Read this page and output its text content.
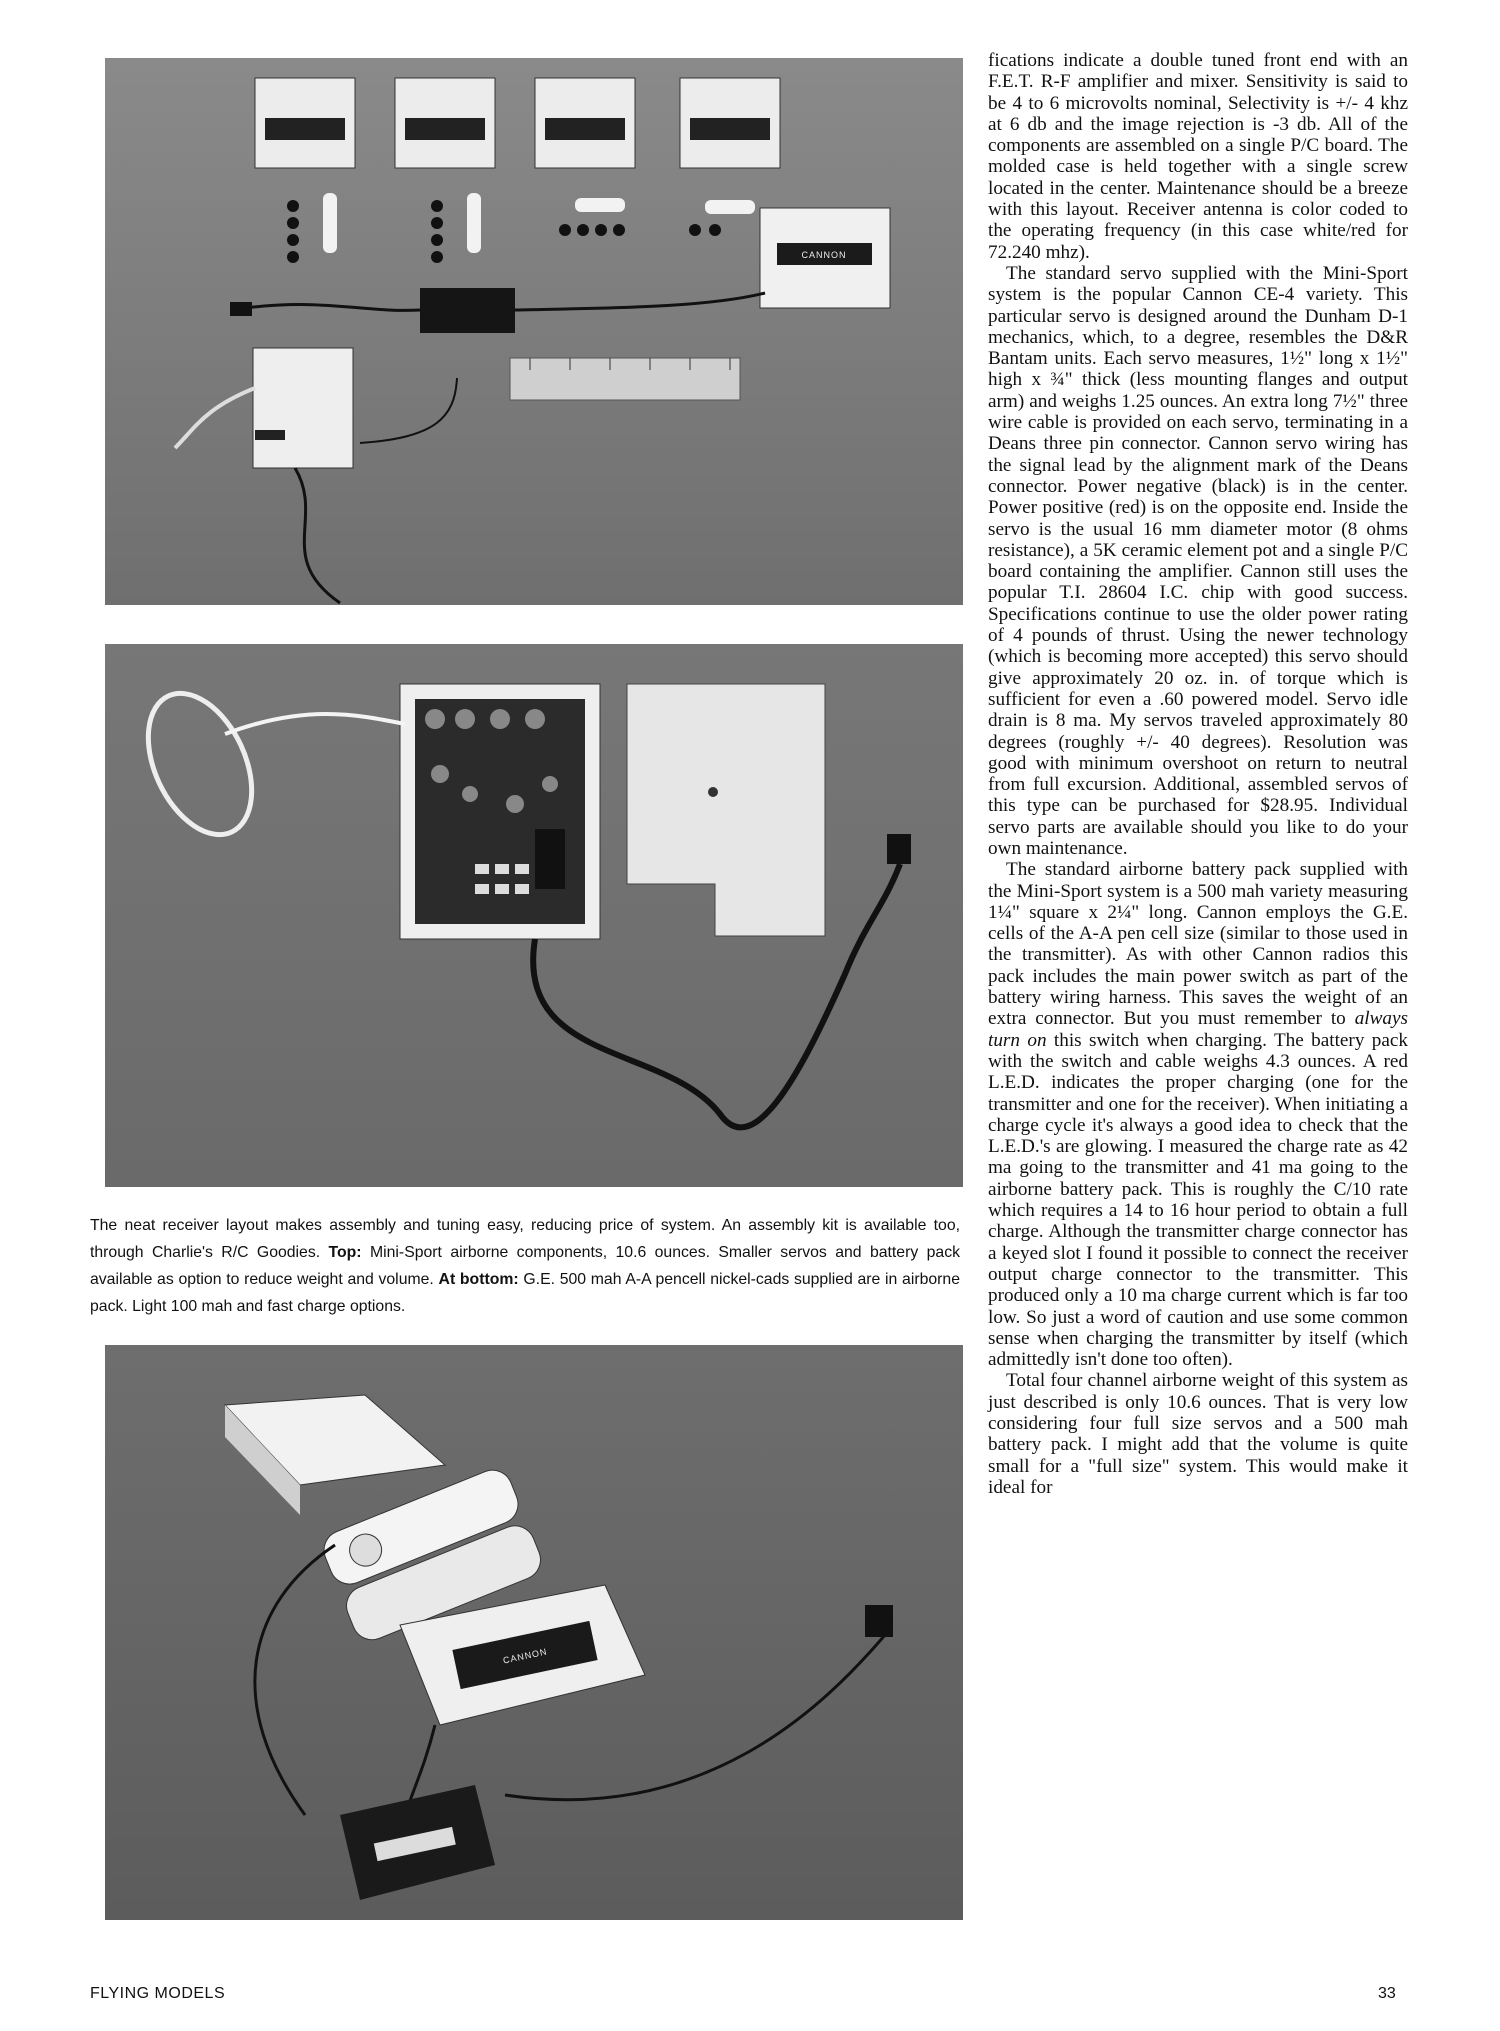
CANNON
The neat receiver layout makes assembly and tuning easy, reducing price of system. An assembly kit is available too, through Charlie's R/C Goodies. Top: Mini-Sport airborne components, 10.6 ounces. Smaller servos and battery pack available as option to reduce weight and volume. At bottom: G.E. 500 mah A-A pencell nickel-cads supplied are in airborne pack. Light 100 mah and fast charge options.
CANNON

fications indicate a double tuned front end with an F.E.T. R-F amplifier and mixer. Sensitivity is said to be 4 to 6 microvolts nominal, Selectivity is +/- 4 khz at 6 db and the image rejection is -3 db. All of the components are assembled on a single P/C board. The molded case is held together with a single screw located in the center. Maintenance should be a breeze with this layout. Receiver antenna is color coded to the operating frequency (in this case white/red for 72.240 mhz).

The standard servo supplied with the Mini-Sport system is the popular Cannon CE-4 variety. This particular servo is designed around the Dunham D-1 mechanics, which, to a degree, resembles the D&R Bantam units. Each servo measures, 1½" long x 1½" high x ¾" thick (less mounting flanges and output arm) and weighs 1.25 ounces. An extra long 7½" three wire cable is provided on each servo, terminating in a Deans three pin connector. Cannon servo wiring has the signal lead by the alignment mark of the Deans connector. Power negative (black) is in the center. Power positive (red) is on the opposite end. Inside the servo is the usual 16 mm diameter motor (8 ohms resistance), a 5K ceramic element pot and a single P/C board containing the amplifier. Cannon still uses the popular T.I. 28604 I.C. chip with good success. Specifications continue to use the older power rating of 4 pounds of thrust. Using the newer technology (which is becoming more accepted) this servo should give approximately 20 oz. in. of torque which is sufficient for even a .60 powered model. Servo idle drain is 8 ma. My servos traveled approximately 80 degrees (roughly +/- 40 degrees). Resolution was good with minimum overshoot on return to neutral from full excursion. Additional, assembled servos of this type can be purchased for $28.95. Individual servo parts are available should you like to do your own maintenance.

The standard airborne battery pack supplied with the Mini-Sport system is a 500 mah variety measuring 1¼" square x 2¼" long. Cannon employs the G.E. cells of the A-A pen cell size (similar to those used in the transmitter). As with other Cannon radios this pack includes the main power switch as part of the battery wiring harness. This saves the weight of an extra connector. But you must remember to always turn on this switch when charging. The battery pack with the switch and cable weighs 4.3 ounces. A red L.E.D. indicates the proper charging (one for the transmitter and one for the receiver). When initiating a charge cycle it's always a good idea to check that the L.E.D.'s are glowing. I measured the charge rate as 42 ma going to the transmitter and 41 ma going to the airborne battery pack. This is roughly the C/10 rate which requires a 14 to 16 hour period to obtain a full charge. Although the transmitter charge connector has a keyed slot I found it possible to connect the receiver output charge connector to the transmitter. This produced only a 10 ma charge current which is far too low. So just a word of caution and use some common sense when charging the transmitter by itself (which admittedly isn't done too often).

Total four channel airborne weight of this system as just described is only 10.6 ounces. That is very low considering four full size servos and a 500 mah battery pack. I might add that the volume is quite small for a "full size" system. This would make it ideal for

FLYING MODELS	33
